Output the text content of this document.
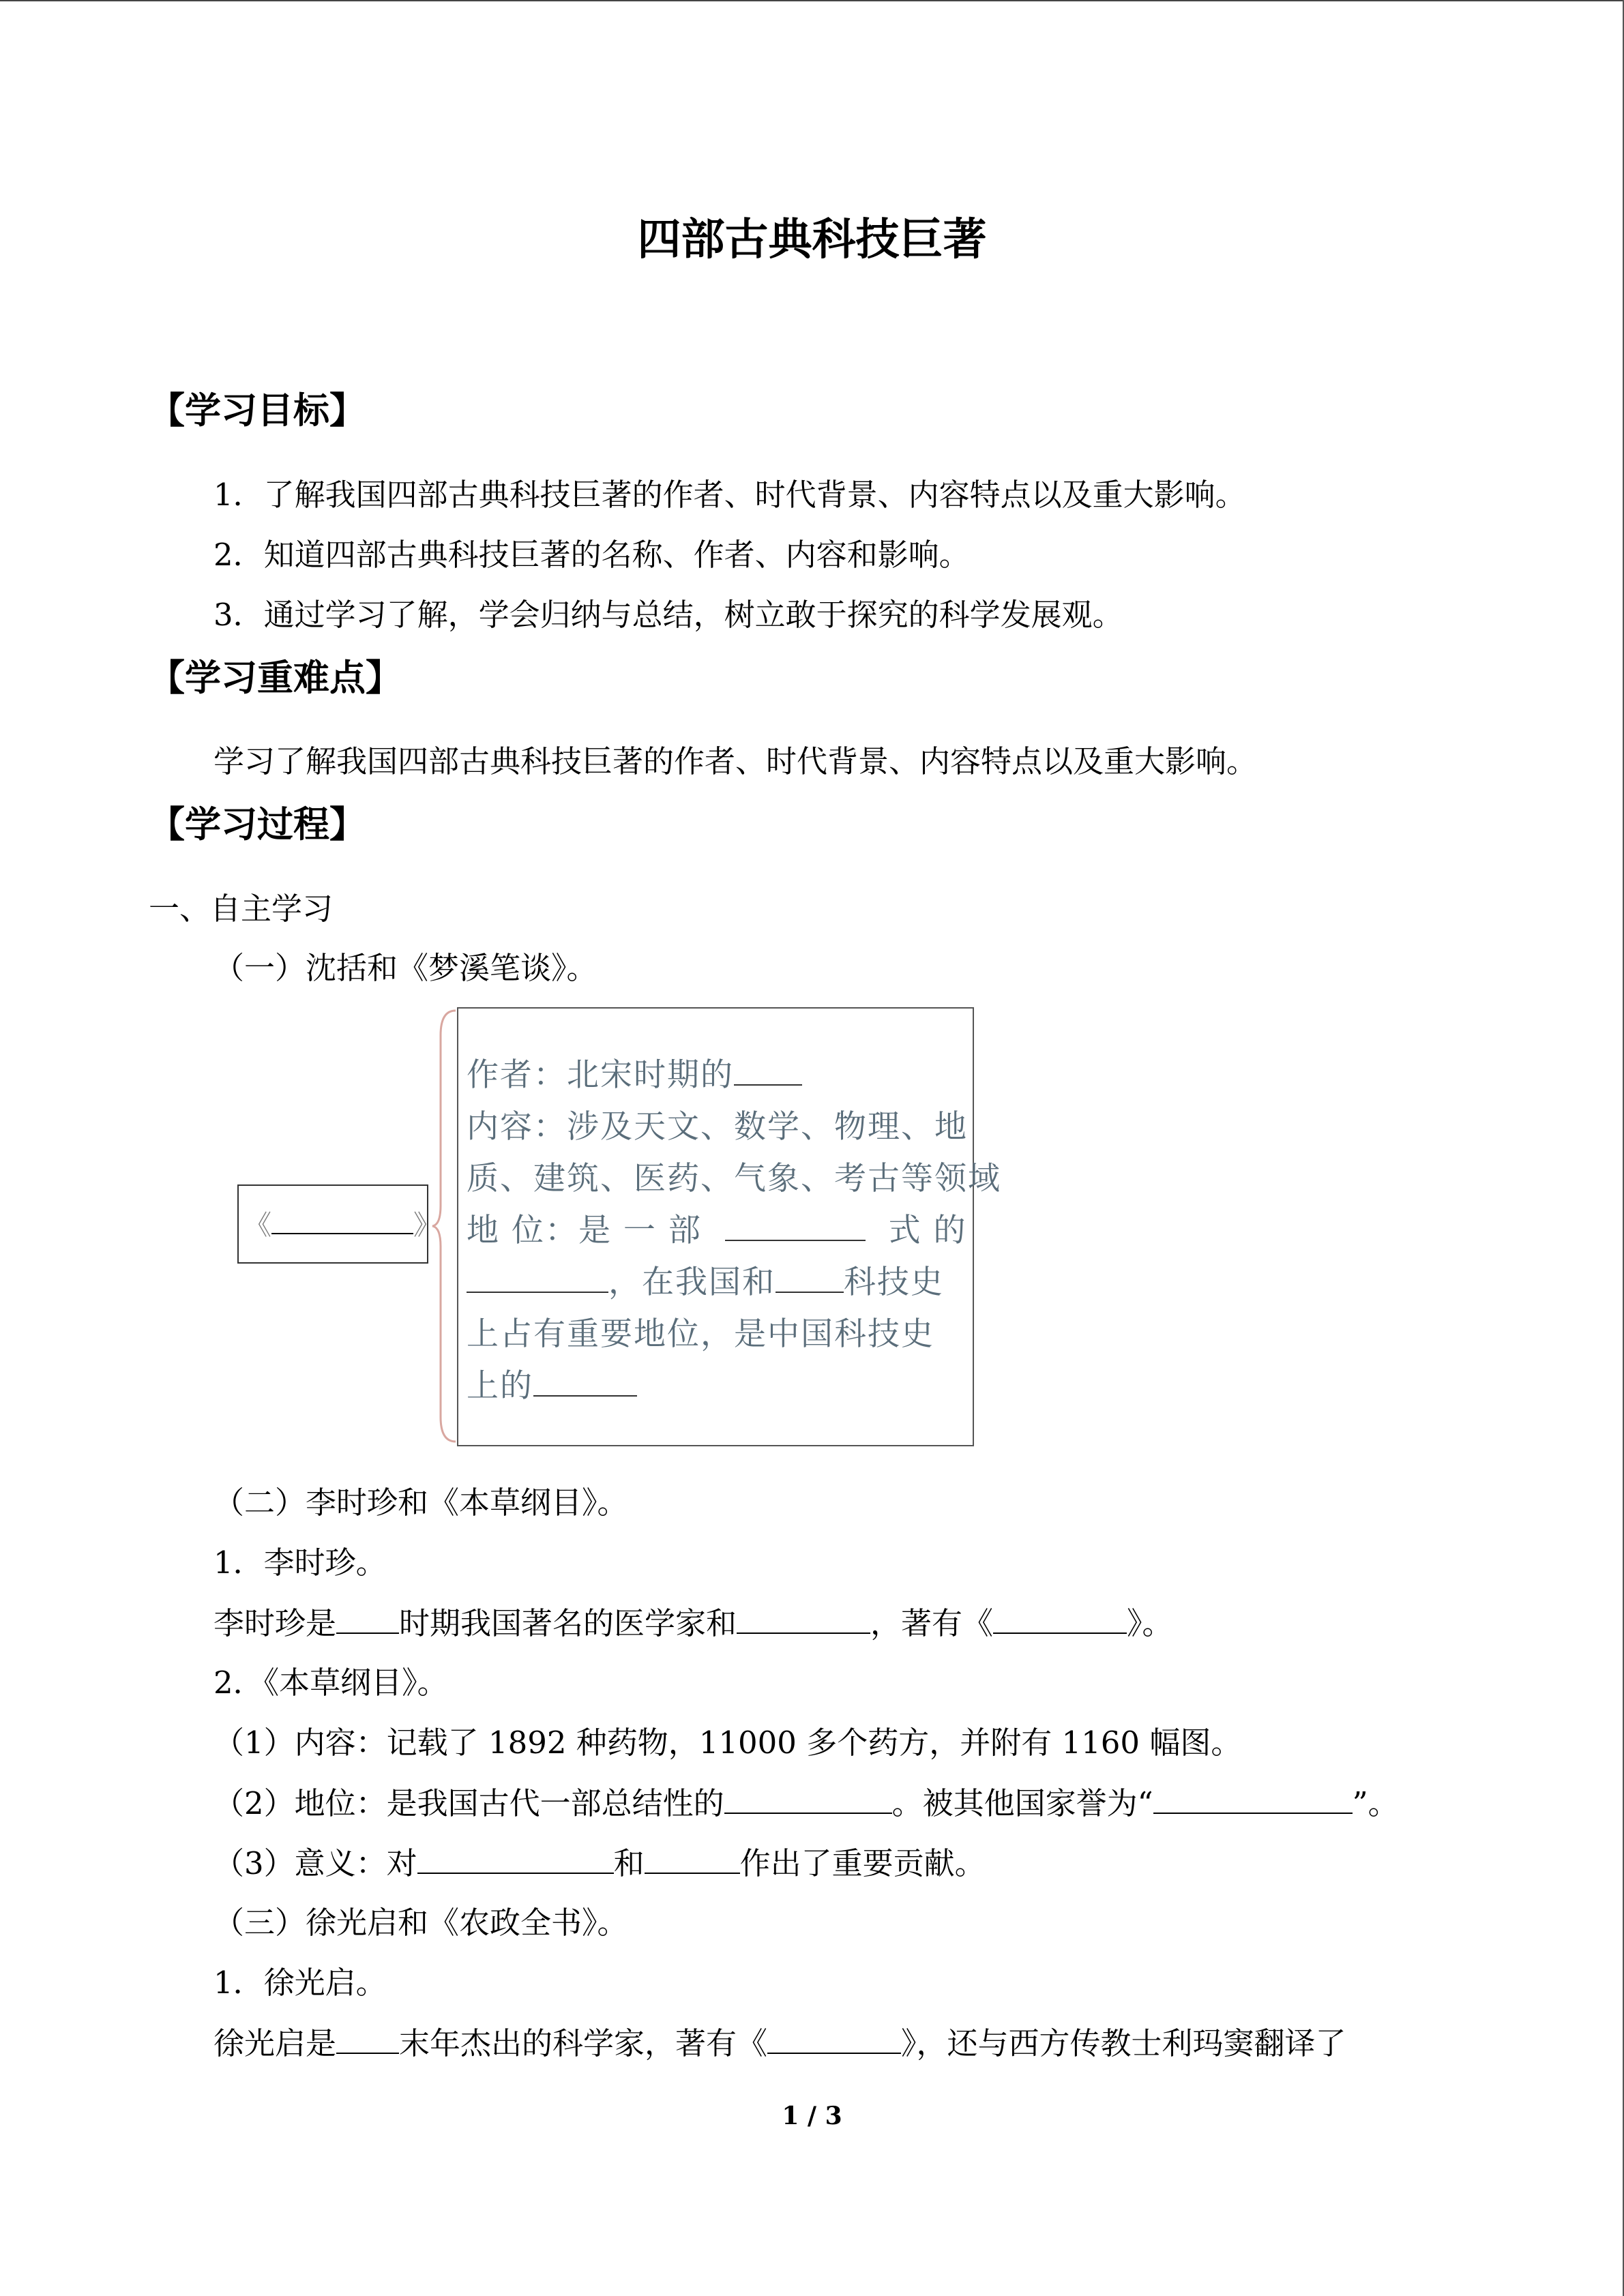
四部古典科技巨著
【学习目标】
1．了解我国四部古典科技巨著的作者、时代背景、内容特点以及重大影响。
2．知道四部古典科技巨著的名称、作者、内容和影响。
3．通过学习了解，学会归纳与总结，树立敢于探究的科学发展观。
【学习重难点】
学习了解我国四部古典科技巨著的作者、时代背景、内容特点以及重大影响。
【学习过程】
一、自主学习
（一）沈括和《梦溪笔谈》。
《	》
作者：北宋时期的
内容：涉及天文、数学、物理、地
质、建筑、医药、气象、考古等领域
地 位：是 一 部	式 的
，在我国和 科技史
上占有重要地位，是中国科技史
上的
（二）李时珍和《本草纲目》。
1．李时珍。
李时珍是 时期我国著名的医学家和	，著有《	》。
2．《本草纲目》。
（1）内容：记载了 1892 种药物，11000 多个药方，并附有 1160 幅图。
（2）地位：是我国古代一部总结性的	。被其他国家誉为“	”。
（3）意义：对	和	作出了重要贡献。
（三）徐光启和《农政全书》。
1．徐光启。
徐光启是 末年杰出的科学家，著有《	》，还与西方传教士利玛窦翻译了
1 / 3
